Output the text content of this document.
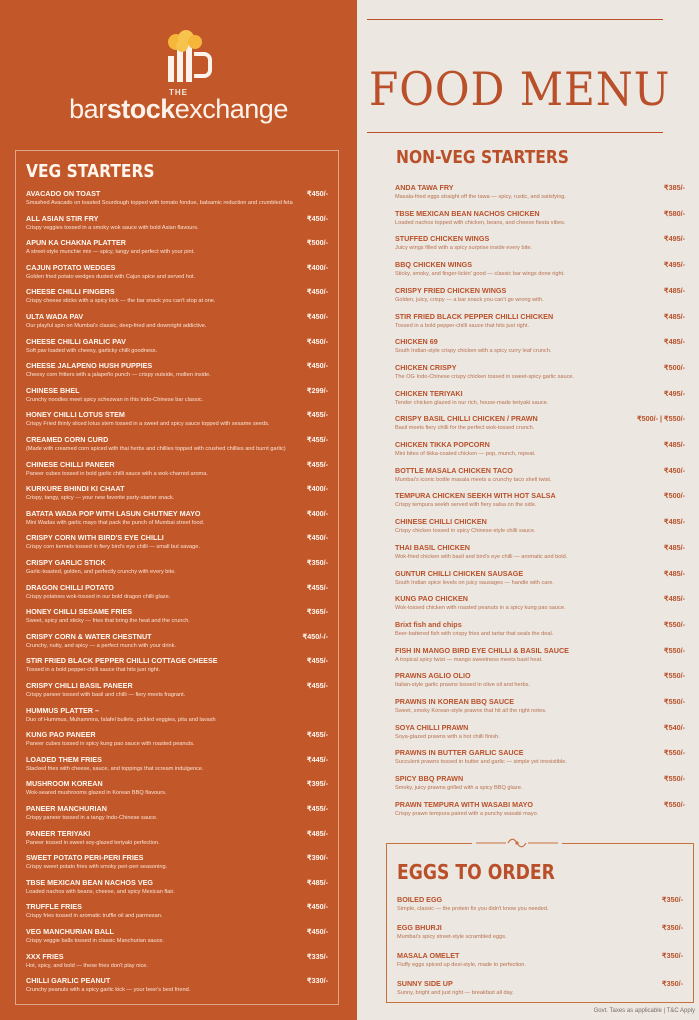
THE
barstockexchange
VEG STARTERS
AVACADO ON TOAST
Smashed Avacado on toasted Sourdough topped with tomato fondue, balsamic reduction and crumbled feta
₹450/-
ALL ASIAN STIR FRY
Crispy veggies tossed in a smoky wok sauce with bold Asian flavours.
₹450/-
APUN KA CHAKNA PLATTER
A street-style munchie mix — spicy, tangy and perfect with your pint.
₹500/-
CAJUN POTATO WEDGES
Golden fried potato wedges dusted with Cajun spice and served hot.
₹400/-
CHEESE CHILLI FINGERS
Crispy cheese sticks with a spicy kick — the bar snack you can't stop at one.
₹450/-
ULTA WADA PAV
Our playful spin on Mumbai's classic, deep-fried and downright addictive.
₹450/-
CHEESE CHILLI GARLIC PAV
Soft pav loaded with cheesy, garlicky chilli goodness.
₹450/-
CHEESE JALAPENO HUSH PUPPIES
Cheesy corn fritters with a jalapeño punch — crispy outside, molten inside.
₹450/-
CHINESE BHEL
Crunchy noodles meet spicy schezwan in this Indo-Chinese bar classic.
₹299/-
HONEY CHILLI LOTUS STEM
Crispy Fried thinly sliced lotus stem tossed in a sweet and spicy sauce topped with sesame seeds.
₹455/-
CREAMED CORN CURD
(Made with creamed corn spiced with thai herbs and chillies topped with crushed chillies and burnt garlic)
₹455/-
CHINESE CHILLI PANEER
Paneer cubes tossed in bold garlic chilli sauce with a wok-charred aroma.
₹455/-
KURKURE BHINDI KI CHAAT
Crispy, tangy, spicy — your new favorite party-starter snack.
₹400/-
BATATA WADA POP WITH LASUN CHUTNEY MAYO
Mini Wadas with garlic mayo that pack the punch of Mumbai street food.
₹400/-
CRISPY CORN WITH BIRD'S EYE CHILLI
Crispy corn kernels tossed in fiery bird's eye chilli — small but savage.
₹450/-
CRISPY GARLIC STICK
Garlic-toasted, golden, and perfectly crunchy with every bite.
₹350/-
DRAGON CHILLI POTATO
Crispy potatoes wok-tossed in our bold dragon chilli glaze.
₹455/-
HONEY CHILLI SESAME FRIES
Sweet, spicy and sticky — fries that bring the heat and the crunch.
₹365/-
CRISPY CORN & WATER CHESTNUT
Crunchy, nutty, and spicy — a perfect munch with your drink.
₹450/-/-
STIR FRIED BLACK PEPPER CHILLI COTTAGE CHEESE
Tossed in a bold pepper-chilli sauce that hits just right.
₹455/-
CRISPY CHILLI BASIL PANEER
Crispy paneer tossed with basil and chilli — fiery meets fragrant.
₹455/-
HUMMUS PLATTER –
Duo of Hummus, Muhammra, falafel bullets, pickled veggies, pita and lavash
KUNG PAO PANEER
Paneer cubes tossed in spicy kung pao sauce with roasted peanuts.
₹455/-
LOADED THEM FRIES
Stacked fries with cheese, sauce, and toppings that scream indulgence.
₹445/-
MUSHROOM KOREAN
Wok-seared mushrooms glazed in Korean BBQ flavours.
₹395/-
PANEER MANCHURIAN
Crispy paneer tossed in a tangy Indo-Chinese sauce.
₹455/-
PANEER TERIYAKI
Paneer tossed in sweet soy-glazed teriyaki perfection.
₹485/-
SWEET POTATO PERI-PERI FRIES
Crispy sweet potato fries with smoky peri-peri seasoning.
₹390/-
TBSE MEXICAN BEAN NACHOS VEG
Loaded nachos with beans, cheese, and spicy Mexican flair.
₹485/-
TRUFFLE FRIES
Crispy fries tossed in aromatic truffle oil and parmesan.
₹450/-
VEG MANCHURIAN BALL
Crispy veggie balls tossed in classic Manchurian sauce.
₹450/-
XXX FRIES
Hot, spicy, and bold — these fries don't play nice.
₹335/-
CHILLI GARLIC PEANUT
Crunchy peanuts with a spicy garlic kick — your beer's best friend.
₹330/-
FOOD MENU
NON-VEG STARTERS
ANDA TAWA FRY
Masala-fried eggs straight off the tawa — spicy, rustic, and satisfying.
₹385/-
TBSE MEXICAN BEAN NACHOS CHICKEN
Loaded nachos topped with chicken, beans, and cheese fiesta vibes.
₹580/-
STUFFED CHICKEN WINGS
Juicy wings filled with a spicy surprise inside every bite.
₹495/-
BBQ CHICKEN WINGS
Sticky, smoky, and finger-lickin' good — classic bar wings done right.
₹495/-
CRISPY FRIED CHICKEN WINGS
Golden, juicy, crispy — a bar snack you can't go wrong with.
₹485/-
STIR FRIED BLACK PEPPER CHILLI CHICKEN
Tossed in a bold pepper-chilli sauce that hits just right.
₹485/-
CHICKEN 69
South Indian-style crispy chicken with a spicy curry leaf crunch.
₹485/-
CHICKEN CRISPY
The OG Indo-Chinese crispy chicken tossed in sweet-spicy garlic sauce.
₹500/-
CHICKEN TERIYAKI
Tender chicken glazed in our rich, house-made teriyaki sauce.
₹495/-
CRISPY BASIL CHILLI CHICKEN / PRAWN
Basil meets fiery chilli for the perfect wok-tossed crunch.
₹500/- | ₹550/-
CHICKEN TIKKA POPCORN
Mini bites of tikka-coated chicken — pop, munch, repeat.
₹485/-
BOTTLE MASALA CHICKEN TACO
Mumbai's iconic bottle masala meets a crunchy taco shell twist.
₹450/-
TEMPURA CHICKEN SEEKH WITH HOT SALSA
Crispy tempura seekh served with fiery salsa on the side.
₹500/-
CHINESE CHILLI CHICKEN
Crispy chicken tossed in spicy Chinese-style chilli sauce.
₹485/-
THAI BASIL CHICKEN
Wok-fried chicken with basil and bird's eye chilli — aromatic and bold.
₹485/-
GUNTUR CHILLI CHICKEN SAUSAGE
South Indian spice levels on juicy sausages — handle with care.
₹485/-
KUNG PAO CHICKEN
Wok-tossed chicken with roasted peanuts in a spicy kung pao sauce.
₹485/-
Brixt fish and chips
Beer-battered fish with crispy fries and tartar that seals the deal.
₹550/-
FISH IN MANGO BIRD EYE CHILLI & BASIL SAUCE
A tropical spicy twist — mango sweetness meets basil heat.
₹550/-
PRAWNS AGLIO OLIO
Italian-style garlic prawns tossed in olive oil and herbs.
₹550/-
PRAWNS IN KOREAN BBQ SAUCE
Sweet, smoky Korean-style prawns that hit all the right notes.
₹550/-
SOYA CHILLI PRAWN
Soya-glazed prawns with a hot chilli finish.
₹540/-
PRAWNS IN BUTTER GARLIC SAUCE
Succulent prawns tossed in butter and garlic — simple yet irresistible.
₹550/-
SPICY BBQ PRAWN
Smoky, juicy prawns grilled with a spicy BBQ glaze.
₹550/-
PRAWN TEMPURA WITH WASABI MAYO
Crispy prawn tempura paired with a punchy wasabi mayo.
₹550/-
EGGS TO ORDER
BOILED EGG
Simple, classic — the protein fix you didn't know you needed.
₹350/-
EGG BHURJI
Mumbai's spicy street-style scrambled eggs.
₹350/-
MASALA OMELET
Fluffy eggs spiced up desi-style, made to perfection.
₹350/-
SUNNY SIDE UP
Sunny, bright and just right — breakfast all day.
₹350/-
Govt. Taxes as applicable | T&C Apply
